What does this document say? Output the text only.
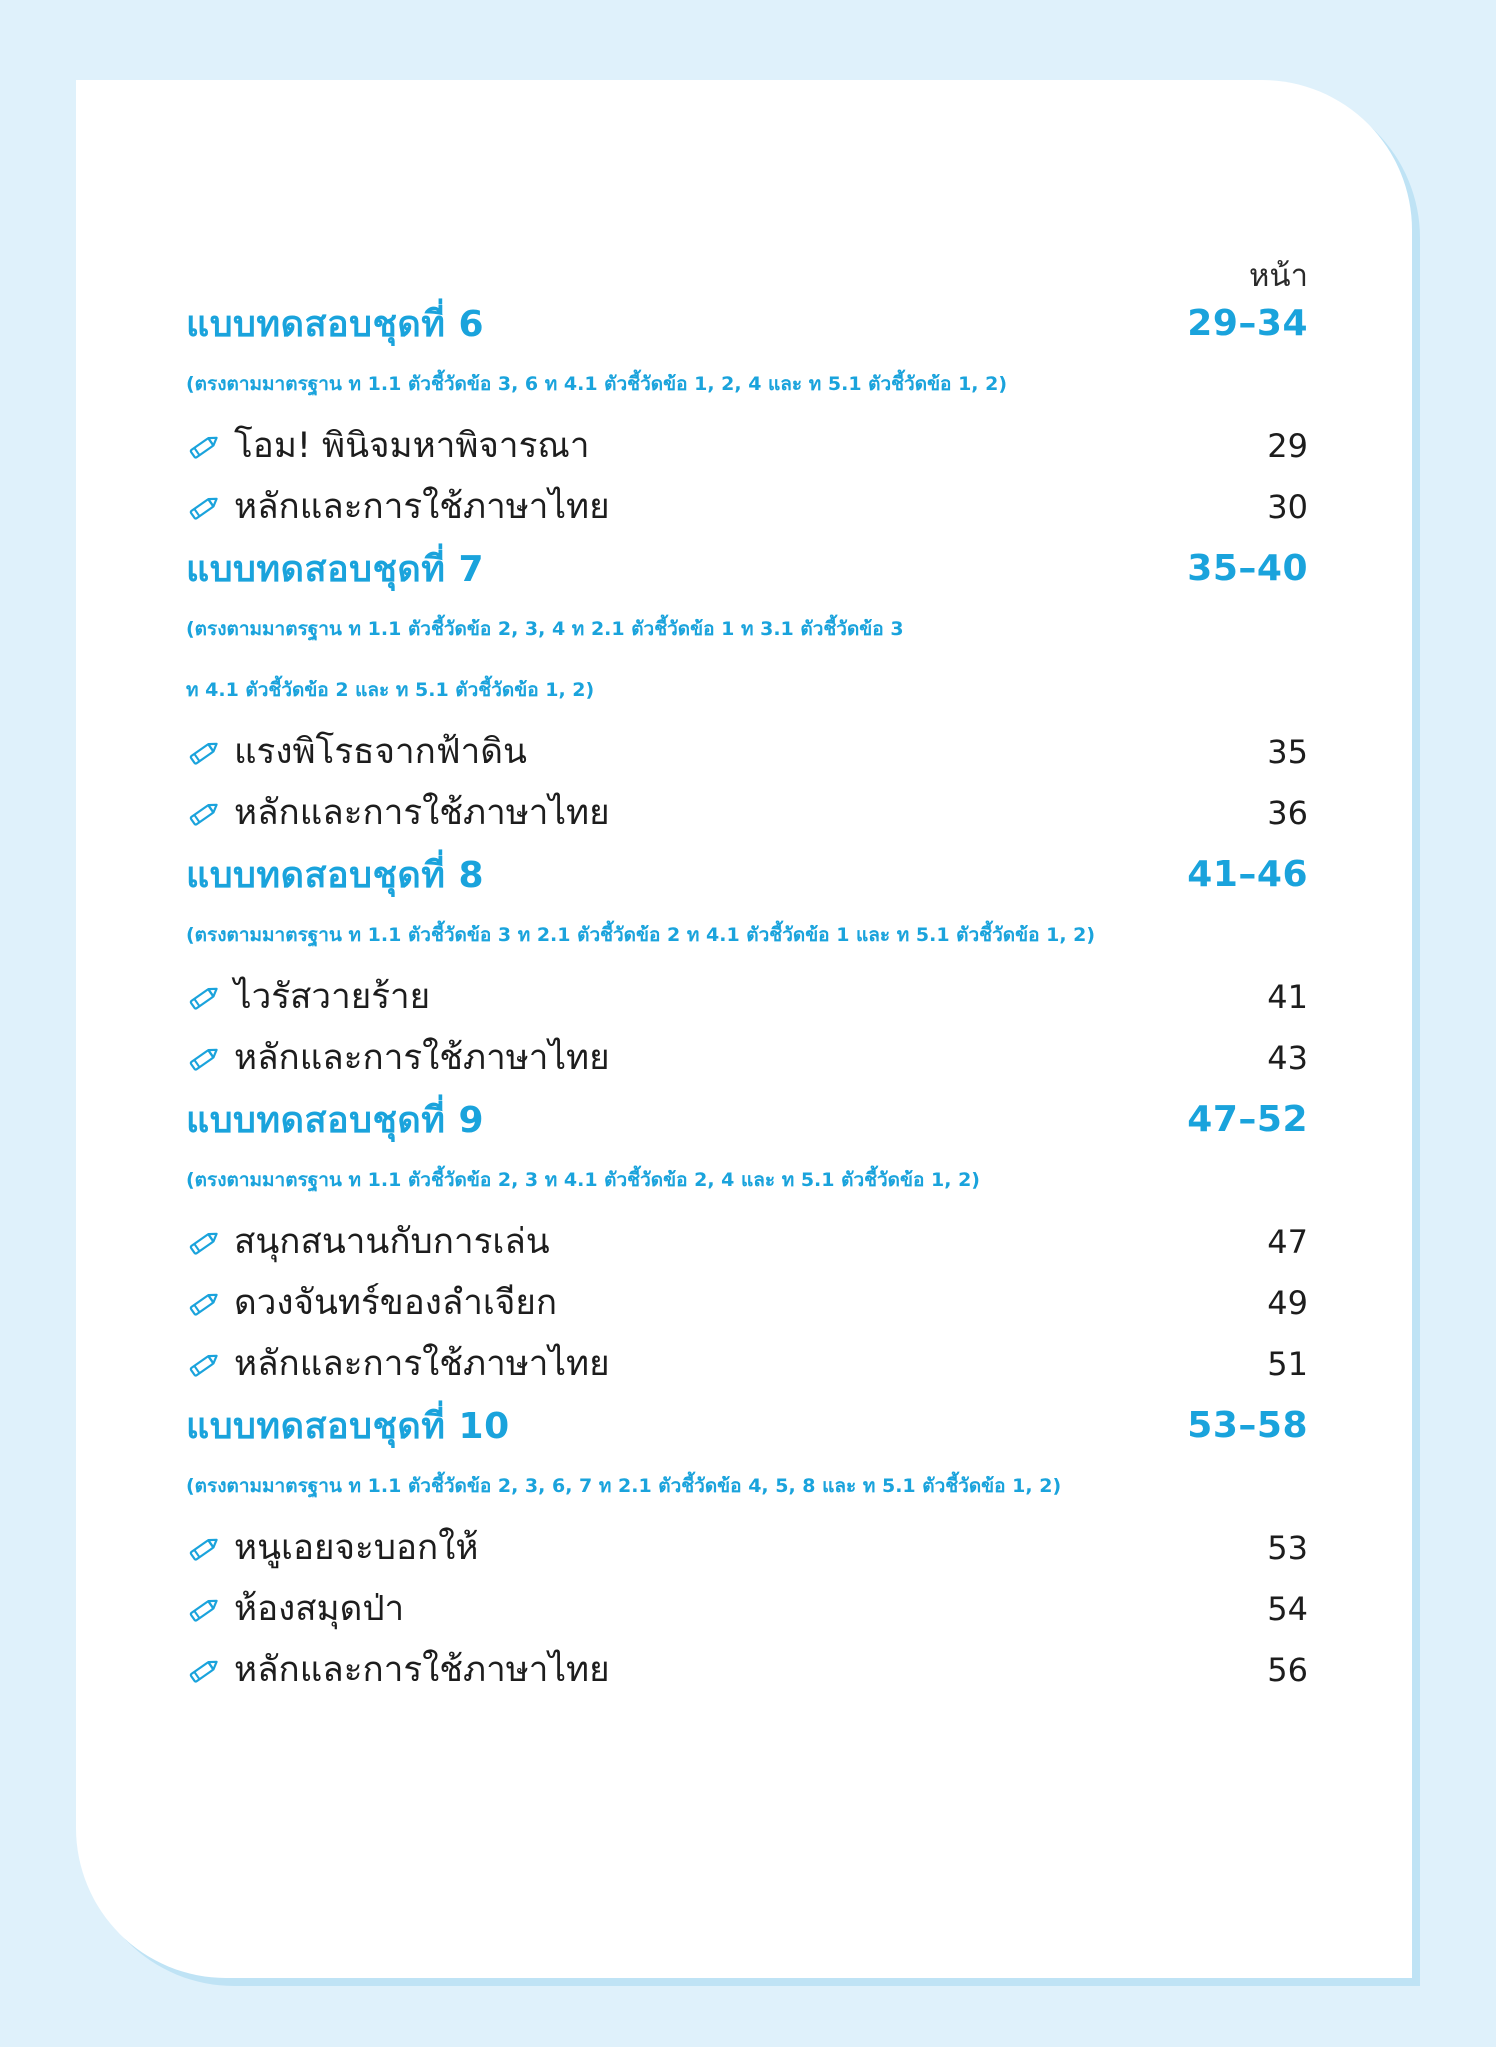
หน้า
แบบทดสอบชุดที่ 6	29–34
(ตรงตามมาตรฐาน ท 1.1 ตัวชี้วัดข้อ 3, 6 ท 4.1 ตัวชี้วัดข้อ 1, 2, 4 และ ท 5.1 ตัวชี้วัดข้อ 1, 2)
โอม! พินิจมหาพิจารณา	29
หลักและการใช้ภาษาไทย	30
แบบทดสอบชุดที่ 7	35–40
(ตรงตามมาตรฐาน ท 1.1 ตัวชี้วัดข้อ 2, 3, 4 ท 2.1 ตัวชี้วัดข้อ 1 ท 3.1 ตัวชี้วัดข้อ 3
ท 4.1 ตัวชี้วัดข้อ 2 และ ท 5.1 ตัวชี้วัดข้อ 1, 2)
แรงพิโรธจากฟ้าดิน	35
หลักและการใช้ภาษาไทย	36
แบบทดสอบชุดที่ 8	41–46
(ตรงตามมาตรฐาน ท 1.1 ตัวชี้วัดข้อ 3 ท 2.1 ตัวชี้วัดข้อ 2 ท 4.1 ตัวชี้วัดข้อ 1 และ ท 5.1 ตัวชี้วัดข้อ 1, 2)
ไวรัสวายร้าย	41
หลักและการใช้ภาษาไทย	43
แบบทดสอบชุดที่ 9	47–52
(ตรงตามมาตรฐาน ท 1.1 ตัวชี้วัดข้อ 2, 3 ท 4.1 ตัวชี้วัดข้อ 2, 4 และ ท 5.1 ตัวชี้วัดข้อ 1, 2)
สนุกสนานกับการเล่น	47
ดวงจันทร์ของลำเจียก	49
หลักและการใช้ภาษาไทย	51
แบบทดสอบชุดที่ 10	53–58
(ตรงตามมาตรฐาน ท 1.1 ตัวชี้วัดข้อ 2, 3, 6, 7 ท 2.1 ตัวชี้วัดข้อ 4, 5, 8 และ ท 5.1 ตัวชี้วัดข้อ 1, 2)
หนูเอยจะบอกให้	53
ห้องสมุดป่า	54
หลักและการใช้ภาษาไทย	56
